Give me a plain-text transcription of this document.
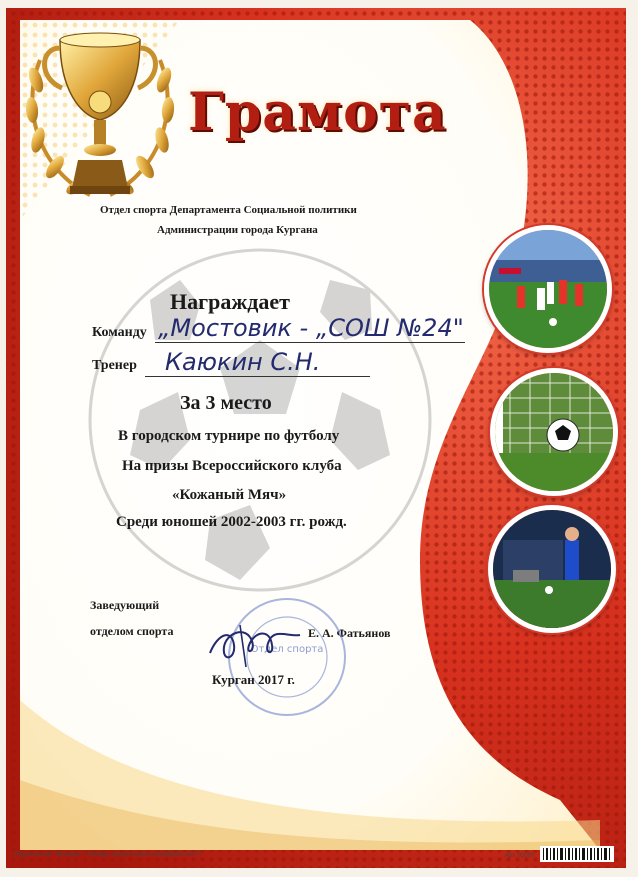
Грамота
Отдел спорта Департамента Социальной политики
Администрации города Кургана
Награждает
Команду „Мостовик - „СОШ №24"
Тренер Каюкин С.Н.
За 3 место
В городском турнире по футболу
На призы Всероссийского клуба
«Кожаный Мяч»
Среди юношей 2002-2003 гг. рожд.
Заведующий
отделом спорта	Е. А. Фатьянов
Отдел спорта
Курган 2017 г.
Издательство "Фолиант" г. Москва, www.Foxcord.ru 8(495)987-43-77	Арт. 92057
